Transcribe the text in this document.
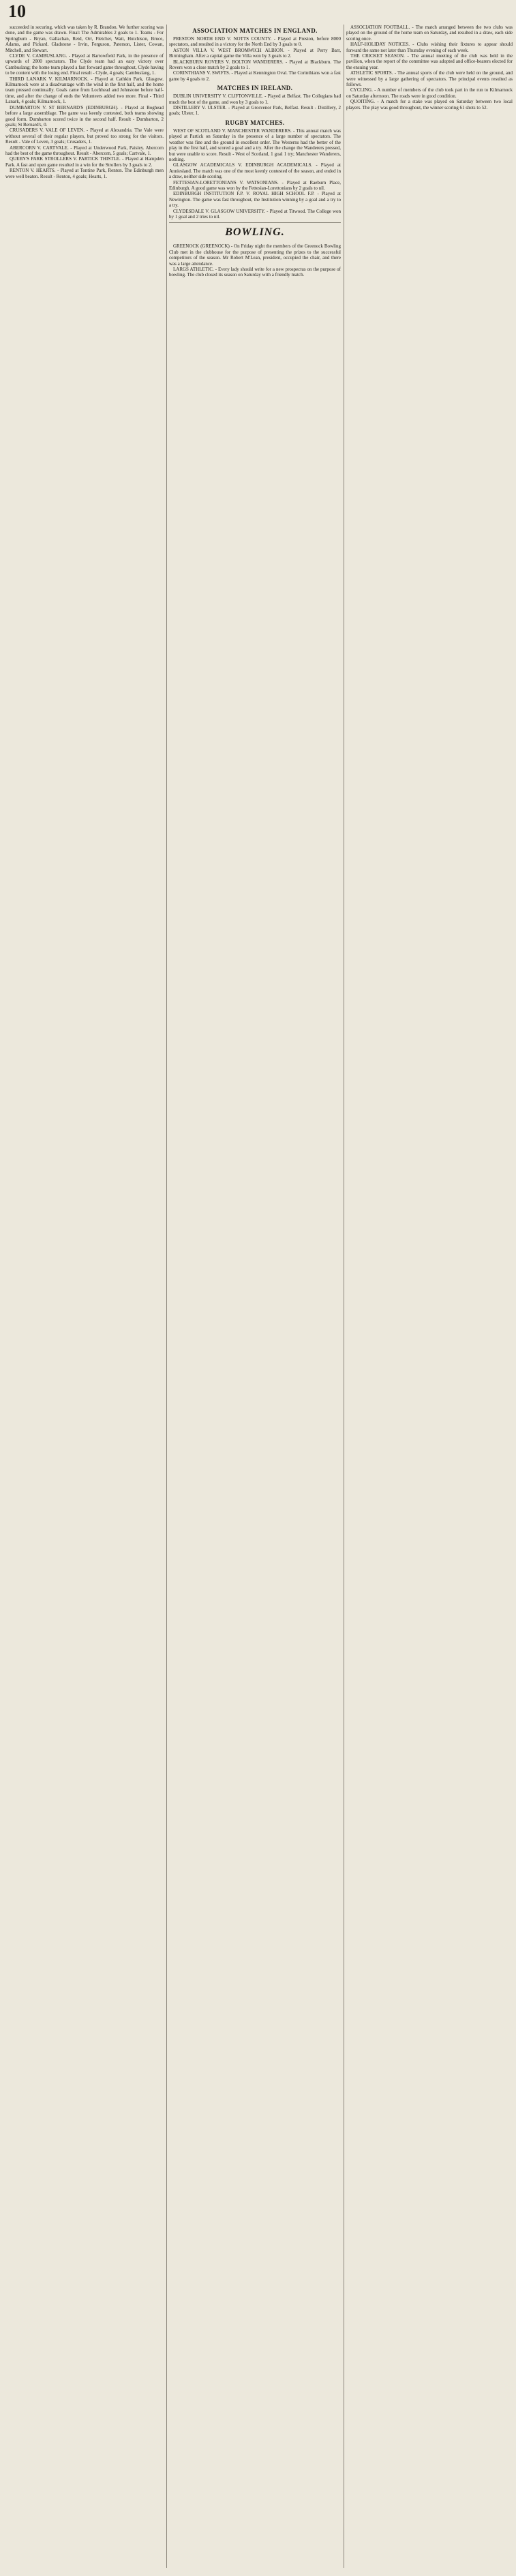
10

succeeded in securing, which was taken by R. Brandon. We further scoring was done, and the game was drawn. Final: The Admirables 2 goals to 1. Teams - For Springburn - Bryan, Gallachan, Reid, Orr, Fletcher, Watt, Hutchison, Bruce, Adams, and Pickard. Gladstone - Irvin, Ferguson, Paterson, Lister, Cowan, Mitchell, and Stewart.

CLYDE V. CAMBUSLANG. - Played at Barrowfield Park, in the presence of upwards of 2000 spectators. The Clyde team had an easy victory over Cambuslang; the home team played a fast forward game throughout, Clyde having to be content with the losing end. Final result - Clyde, 4 goals; Cambuslang, 1.

THIRD LANARK V. KILMARNOCK. - Played at Cathkin Park, Glasgow. Kilmarnock were at a disadvantage with the wind in the first half, and the home team pressed continually. Goals came from Lochhead and Johnstone before half-time, and after the change of ends the Volunteers added two more. Final - Third Lanark, 4 goals; Kilmarnock, 1.

DUMBARTON V. ST BERNARD'S (EDINBURGH). - Played at Boghead before a large assemblage. The game was keenly contested, both teams showing good form. Dumbarton scored twice in the second half. Result - Dumbarton, 2 goals; St Bernard's, 0.

CRUSADERS V. VALE OF LEVEN. - Played at Alexandria. The Vale were without several of their regular players, but proved too strong for the visitors. Result - Vale of Leven, 3 goals; Crusaders, 1.

ABERCORN V. CARTVALE. - Played at Underwood Park, Paisley. Abercorn had the best of the game throughout. Result - Abercorn, 5 goals; Cartvale, 1.

QUEEN'S PARK STROLLERS V. PARTICK THISTLE. - Played at Hampden Park. A fast and open game resulted in a win for the Strollers by 3 goals to 2.

RENTON V. HEARTS. - Played at Tontine Park, Renton. The Edinburgh men were well beaten. Result - Renton, 4 goals; Hearts, 1.

ASSOCIATION MATCHES IN ENGLAND.

PRESTON NORTH END V. NOTTS COUNTY. - Played at Preston, before 8000 spectators, and resulted in a victory for the North End by 3 goals to 0.

ASTON VILLA V. WEST BROMWICH ALBION. - Played at Perry Barr, Birmingham. After a capital game the Villa won by 3 goals to 2.

BLACKBURN ROVERS V. BOLTON WANDERERS. - Played at Blackburn. The Rovers won a close match by 2 goals to 1.

CORINTHIANS V. SWIFTS. - Played at Kennington Oval. The Corinthians won a fast game by 4 goals to 2.

MATCHES IN IRELAND.

DUBLIN UNIVERSITY V. CLIFTONVILLE. - Played at Belfast. The Collegians had much the best of the game, and won by 3 goals to 1.

DISTILLERY V. ULSTER. - Played at Grosvenor Park, Belfast. Result - Distillery, 2 goals; Ulster, 1.

RUGBY MATCHES.

WEST OF SCOTLAND V. MANCHESTER WANDERERS. - This annual match was played at Partick on Saturday in the presence of a large number of spectators. The weather was fine and the ground in excellent order. The Westerns had the better of the play in the first half, and scored a goal and a try. After the change the Wanderers pressed, but were unable to score. Result - West of Scotland, 1 goal 1 try; Manchester Wanderers, nothing.

GLASGOW ACADEMICALS V. EDINBURGH ACADEMICALS. - Played at Anniesland. The match was one of the most keenly contested of the season, and ended in a draw, neither side scoring.

FETTESIAN-LORETTONIANS V. WATSONIANS. - Played at Raeburn Place, Edinburgh. A good game was won by the Fettesian-Lorettonians by 2 goals to nil.

EDINBURGH INSTITUTION F.P. V. ROYAL HIGH SCHOOL F.P. - Played at Newington. The game was fast throughout, the Institution winning by a goal and a try to a try.

CLYDESDALE V. GLASGOW UNIVERSITY. - Played at Titwood. The College won by 1 goal and 2 tries to nil.

BOWLING.

GREENOCK (GREENOCK) - On Friday night the members of the Greenock Bowling Club met in the clubhouse for the purpose of presenting the prizes to the successful competitors of the season. Mr Robert M'Lean, president, occupied the chair, and there was a large attendance.

LARGS ATHLETIC. - Every lady should write for a new prospectus on the purpose of bowling. The club closed its season on Saturday with a friendly match.

ASSOCIATION FOOTBALL. - The match arranged between the two clubs was played on the ground of the home team on Saturday, and resulted in a draw, each side scoring once.

HALF-HOLIDAY NOTICES. - Clubs wishing their fixtures to appear should forward the same not later than Thursday evening of each week.

THE CRICKET SEASON. - The annual meeting of the club was held in the pavilion, when the report of the committee was adopted and office-bearers elected for the ensuing year.

ATHLETIC SPORTS. - The annual sports of the club were held on the ground, and were witnessed by a large gathering of spectators. The principal events resulted as follows.

CYCLING. - A number of members of the club took part in the run to Kilmarnock on Saturday afternoon. The roads were in good condition.

QUOITING. - A match for a stake was played on Saturday between two local players. The play was good throughout, the winner scoring 61 shots to 52.
